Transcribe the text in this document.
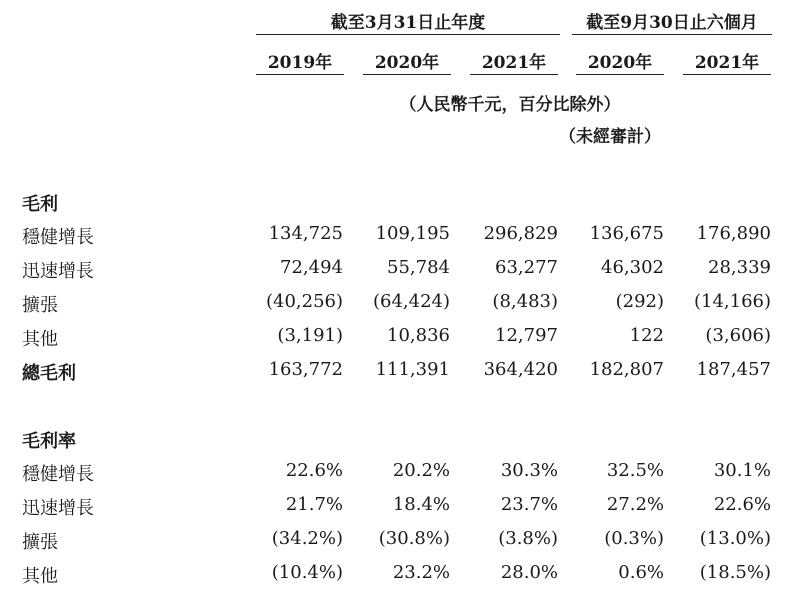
截至3月31日止年度	截至9月30日止六個月
2019年	2020年	2021年	2020年	2021年
（人民幣千元，百分比除外）
（未經審計）
毛利
穩健增長	134,725	109,195	296,829	136,675	176,890
迅速增長	72,494	55,784	63,277	46,302	28,339
擴張	(40,256)	(64,424)	(8,483)	(292)	(14,166)
其他	(3,191)	10,836	12,797	122	(3,606)
總毛利	163,772	111,391	364,420	182,807	187,457
毛利率
穩健增長	22.6%	20.2%	30.3%	32.5%	30.1%
迅速增長	21.7%	18.4%	23.7%	27.2%	22.6%
擴張	(34.2%)	(30.8%)	(3.8%)	(0.3%)	(13.0%)
其他	(10.4%)	23.2%	28.0%	0.6%	(18.5%)
